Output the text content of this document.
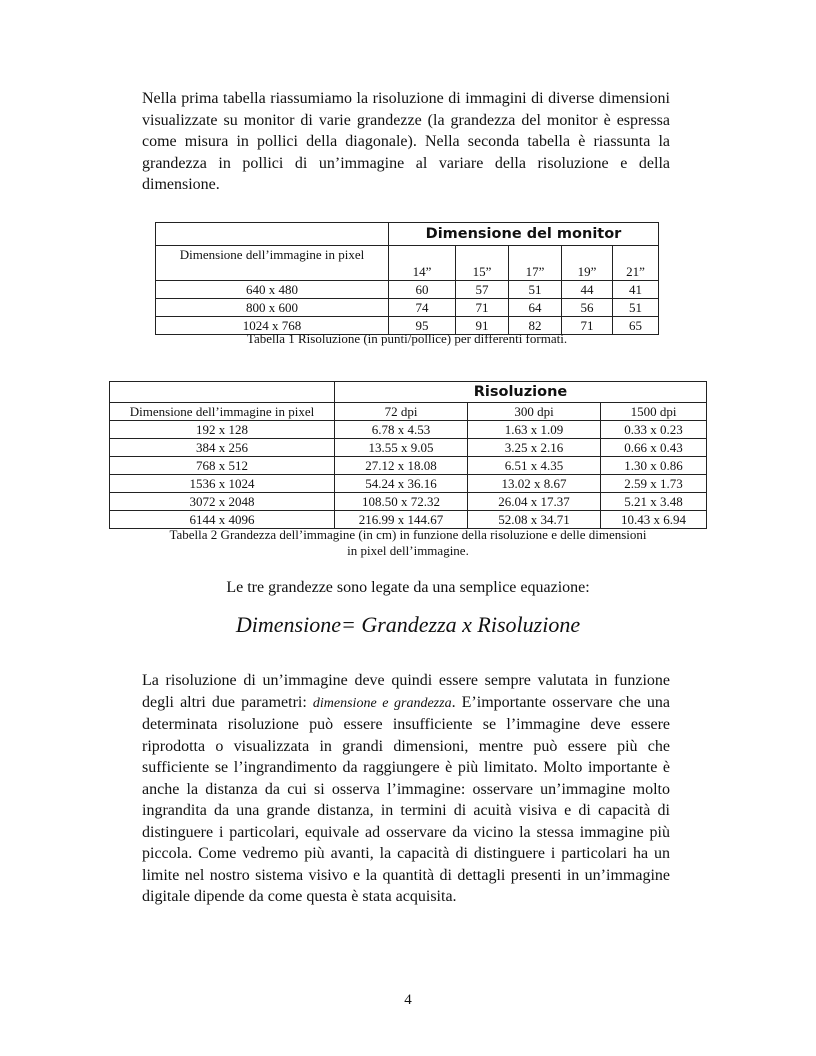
Nella prima tabella riassumiamo la risoluzione di immagini di diverse dimensioni visualizzate su monitor di varie grandezze (la grandezza del monitor è espressa come misura in pollici della diagonale). Nella seconda tabella è riassunta la grandezza in pollici di un’immagine al variare della risoluzione e della dimensione.

	Dimensione del monitor				
Dimensione dell’immagine in pixel	14”	15”	17”	19”	21”
640 x 480	60	57	51	44	41
800 x 600	74	71	64	56	51
1024 x 768	95	91	82	71	65

Tabella 1 Risoluzione (in punti/pollice) per differenti formati.

	Risoluzione		
Dimensione dell’immagine in pixel	72 dpi	300 dpi	1500 dpi
192 x 128	6.78 x 4.53	1.63 x 1.09	0.33 x 0.23
384 x 256	13.55 x 9.05	3.25 x 2.16	0.66 x 0.43
768 x 512	27.12 x 18.08	6.51 x 4.35	1.30 x 0.86
1536 x 1024	54.24 x 36.16	13.02 x 8.67	2.59 x 1.73
3072 x 2048	108.50 x 72.32	26.04 x 17.37	5.21 x 3.48
6144 x 4096	216.99 x 144.67	52.08 x 34.71	10.43 x 6.94

Tabella 2 Grandezza dell’immagine (in cm) in funzione della risoluzione e delle dimensioni
in pixel dell’immagine.

Le tre grandezze sono legate da una semplice equazione:

Dimensione= Grandezza x Risoluzione

La risoluzione di un’immagine deve quindi essere sempre valutata in funzione degli altri due parametri: dimensione e grandezza. E’importante osservare che una determinata risoluzione può essere insufficiente se l’immagine deve essere riprodotta o visualizzata in grandi dimensioni, mentre può essere più che sufficiente se l’ingrandimento da raggiungere è più limitato. Molto importante è anche la distanza da cui si osserva l’immagine: osservare un’immagine molto ingrandita da una grande distanza, in termini di acuità visiva e di capacità di distinguere i particolari, equivale ad osservare da vicino la stessa immagine più piccola. Come vedremo più avanti, la capacità di distinguere i particolari ha un limite nel nostro sistema visivo e la quantità di dettagli presenti in un’immagine digitale dipende da come questa è stata acquisita.

4
